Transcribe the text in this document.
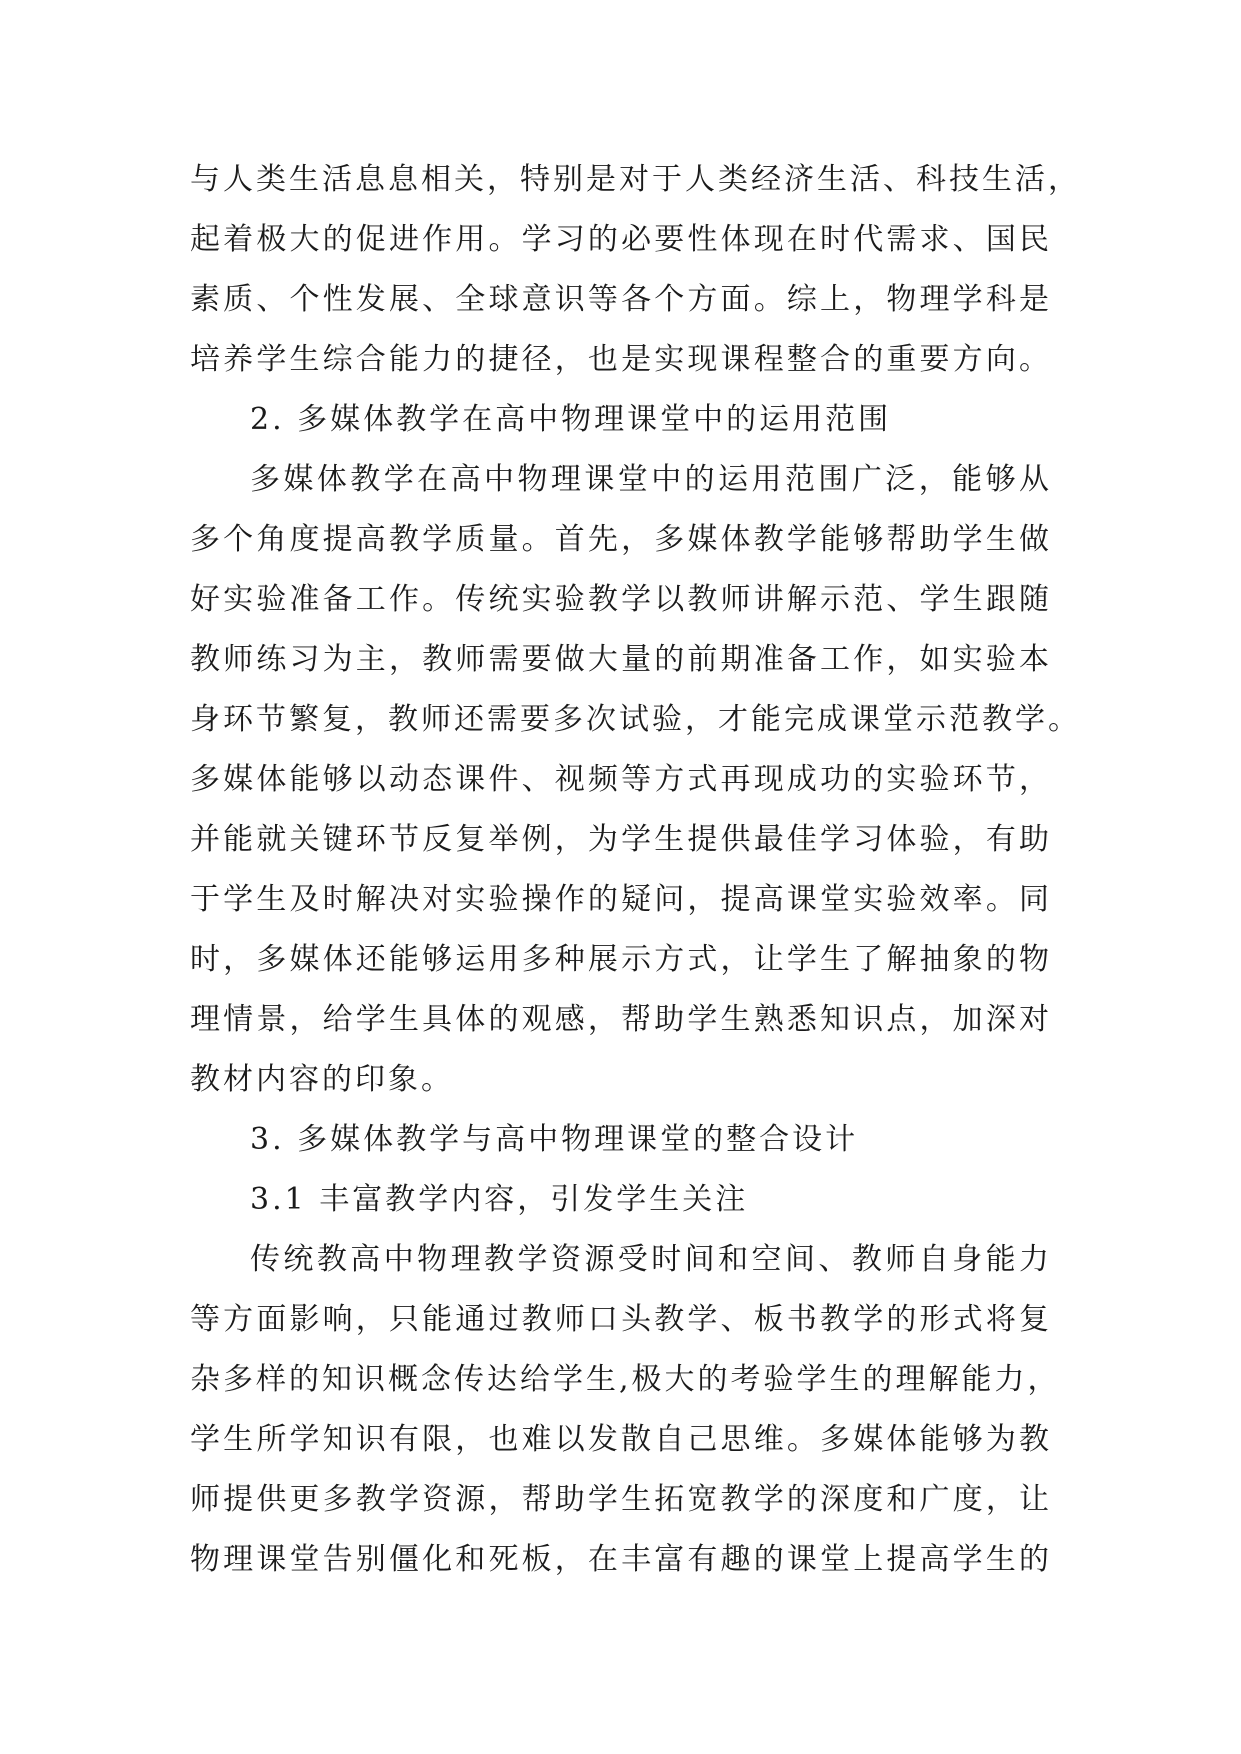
与人类生活息息相关，特别是对于人类经济生活、科技生活，
起着极大的促进作用。学习的必要性体现在时代需求、国民
素质、个性发展、全球意识等各个方面。综上，物理学科是
培养学生综合能力的捷径，也是实现课程整合的重要方向。
2. 多媒体教学在高中物理课堂中的运用范围
多媒体教学在高中物理课堂中的运用范围广泛，能够从
多个角度提高教学质量。首先，多媒体教学能够帮助学生做
好实验准备工作。传统实验教学以教师讲解示范、学生跟随
教师练习为主，教师需要做大量的前期准备工作，如实验本
身环节繁复，教师还需要多次试验，才能完成课堂示范教学。
多媒体能够以动态课件、视频等方式再现成功的实验环节，
并能就关键环节反复举例，为学生提供最佳学习体验，有助
于学生及时解决对实验操作的疑问，提高课堂实验效率。同
时，多媒体还能够运用多种展示方式，让学生了解抽象的物
理情景，给学生具体的观感，帮助学生熟悉知识点，加深对
教材内容的印象。
3. 多媒体教学与高中物理课堂的整合设计
3.1 丰富教学内容，引发学生关注
传统教高中物理教学资源受时间和空间、教师自身能力
等方面影响，只能通过教师口头教学、板书教学的形式将复
杂多样的知识概念传达给学生,极大的考验学生的理解能力，
学生所学知识有限，也难以发散自己思维。多媒体能够为教
师提供更多教学资源，帮助学生拓宽教学的深度和广度，让
物理课堂告别僵化和死板，在丰富有趣的课堂上提高学生的
